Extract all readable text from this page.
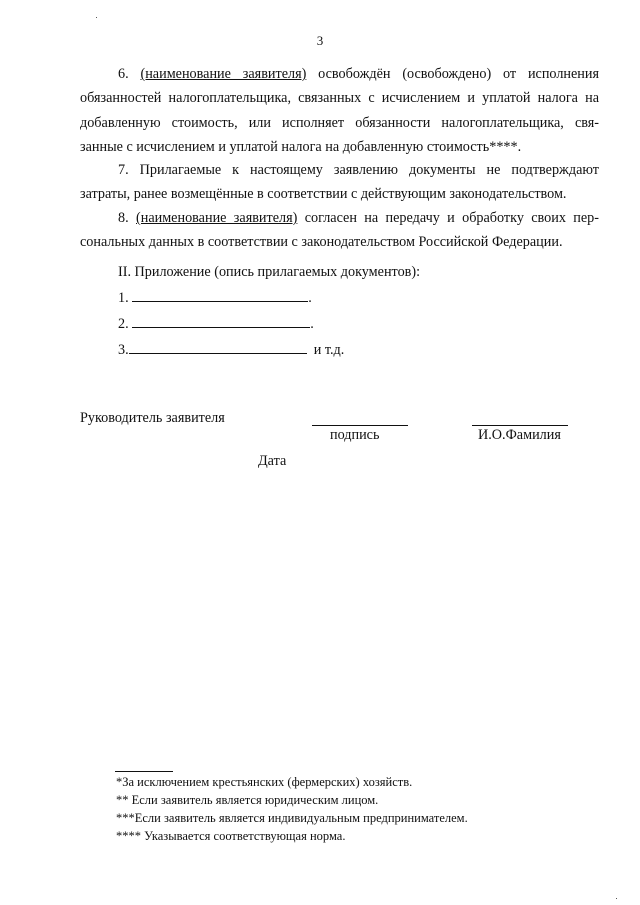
3
6. (наименование заявителя) освобождён (освобождено) от исполнения
обязанностей налогоплательщика, связанных с исчислением и уплатой налога на
добавленную стоимость, или исполняет обязанности налогоплательщика, свя-
занные с исчислением и уплатой налога на добавленную стоимость****.
7. Прилагаемые к настоящему заявлению документы не подтверждают
затраты, ранее возмещённые в соответствии с действующим законодательством.
8. (наименование заявителя) согласен на передачу и обработку своих пер-
сональных данных в соответствии с законодательством Российской Федерации.
II. Приложение (опись прилагаемых документов):
1.	.
2.	.
3.	и т.д.
Руководитель заявителя
подпись	И.О.Фамилия
Дата
*За исключением крестьянских (фермерских) хозяйств.
** Если заявитель является юридическим лицом.
***Если заявитель является индивидуальным предпринимателем.
**** Указывается соответствующая норма.
